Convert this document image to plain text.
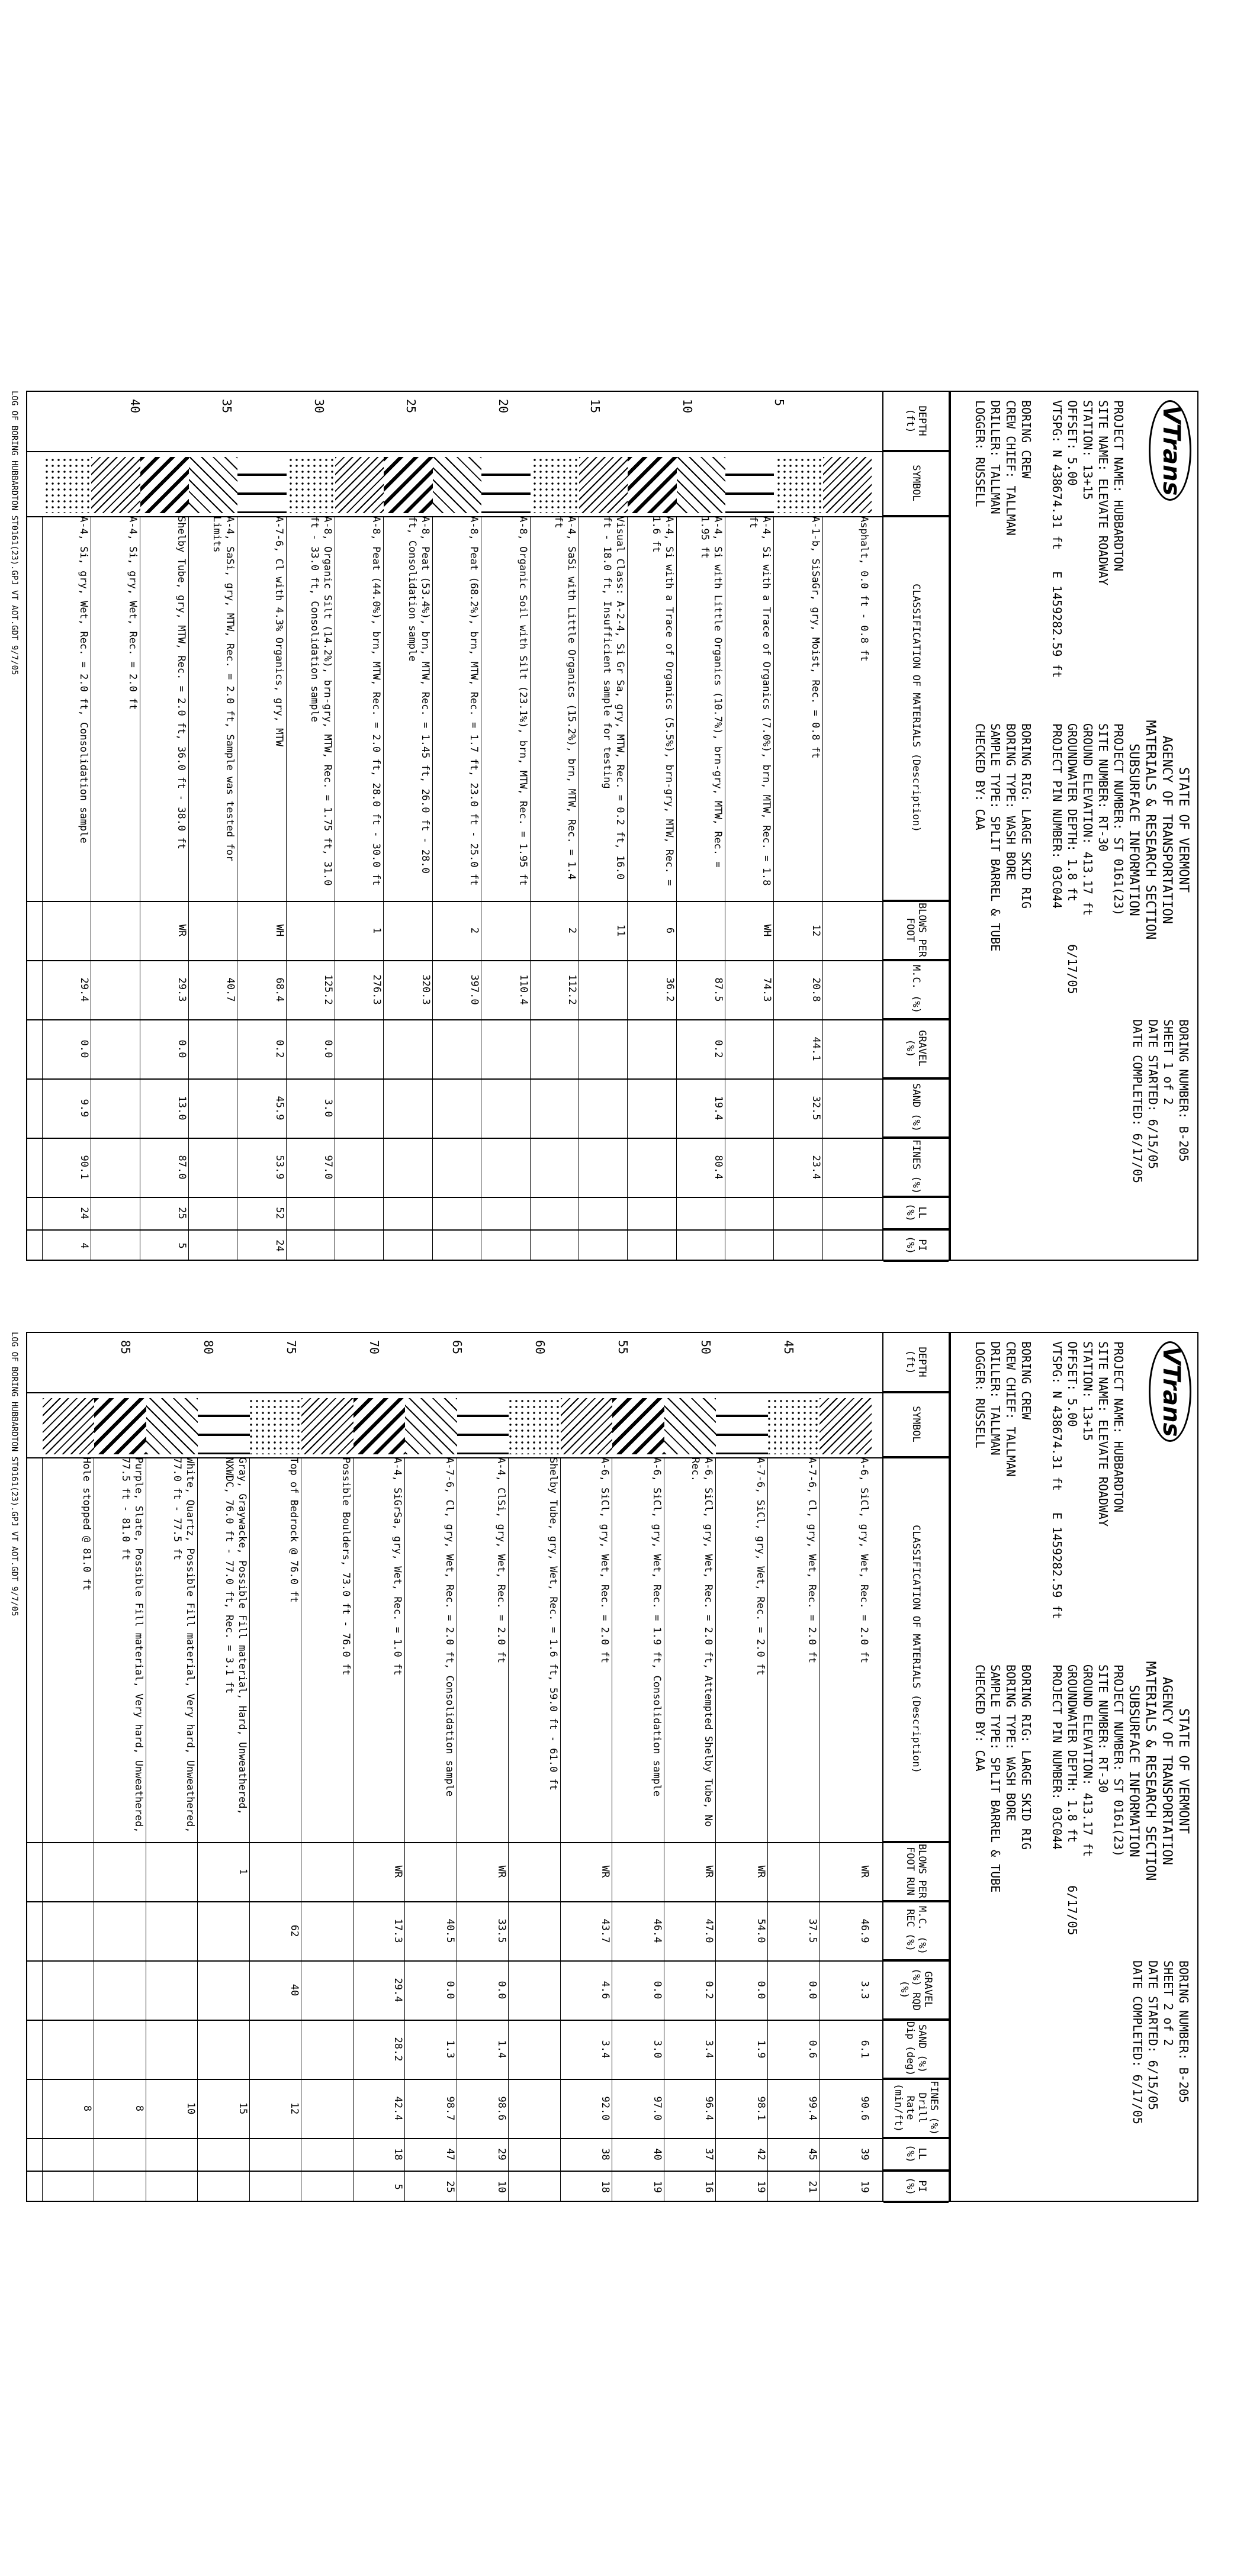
VTrans
STATE OF VERMONT
AGENCY OF TRANSPORTATION
MATERIALS & RESEARCH SECTION
SUBSURFACE INFORMATION
BORING NUMBER: B-205
SHEET 1 of 2
DATE STARTED: 6/15/05
DATE COMPLETED: 6/17/05
PROJECT NAME: HUBBARDTON
SITE NAME: ELEVATE ROADWAY
STATION: 13+15
OFFSET: 5.00
VTSPG: N 438674.31 ft   E 1459282.59 ft

BORING CREW
CREW CHIEF: TALLMAN
DRILLER: TALLMAN
LOGGER: RUSSELL
PROJECT NUMBER: ST 0161(23)
SITE NUMBER: RT-30
GROUND ELEVATION: 413.17 ft
GROUNDWATER DEPTH: 1.8 ft      6/17/05
PROJECT PIN NUMBER: 03C044

BORING RIG: LARGE SKID RIG
BORING TYPE: WASH BORE
SAMPLE TYPE: SPLIT BARREL & TUBE
CHECKED BY: CAA
DEPTH (ft)
SYMBOL
CLASSIFICATION OF MATERIALS (Description)
BLOWS PER FOOT
M.C. (%)
GRAVEL (%)
SAND (%)
FINES (%)
LL (%)
PI (%)
5
10
15
20
25
30
35
40
Asphalt, 0.0 ft - 0.8 ft
A-1-b, SiSaGr, gry, Moist, Rec. = 0.8 ft
12
20.8
44.1
32.5
23.4
A-4, Si with a Trace of Organics (7.0%), brn, MTW, Rec. = 1.8 ft
WH
74.3
A-4, Si with Little Organics (10.7%), brn-gry, MTW, Rec. = 1.95 ft
87.5
0.2
19.4
80.4
A-4, Si with a Trace of Organics (5.5%), brn-gry, MTW, Rec. = 1.6 ft
6
36.2
Visual Class: A-2-4, Si Gr Sa, gry, MTW, Rec. = 0.2 ft, 16.0 ft - 18.0 ft, Insufficient sample for testing
11
A-4, SaSi with Little Organics (15.2%), brn, MTW, Rec. = 1.4 ft
2
112.2
A-8, Organic Soil with Silt (23.1%), brn, MTW, Rec. = 1.95 ft
110.4
A-8, Peat (68.2%), brn, MTW, Rec. = 1.7 ft, 23.0 ft - 25.0 ft
2
397.0
A-8, Peat (53.4%), brn, MTW, Rec. = 1.45 ft, 26.0 ft - 28.0 ft, Consolidation sample
320.3
A-8, Peat (44.0%), brn, MTW, Rec. = 2.0 ft, 28.0 ft - 30.0 ft
1
276.3
A-8, Organic Silt (14.2%), brn-gry, MTW, Rec. = 1.75 ft, 31.0 ft - 33.0 ft, Consolidation sample
125.2
0.0
3.0
97.0
A-7-6, Cl with 4.3% Organics, gry, MTW
WH
68.4
0.2
45.9
53.9
52
24
A-4, SaSi, gry, MTW, Rec. = 2.0 ft, Sample was tested for Limits
40.7
Shelby Tube, gry, MTW, Rec. = 2.0 ft, 36.0 ft - 38.0 ft
WR
29.3
0.0
13.0
87.0
25
5
A-4, Si, gry, Wet, Rec. = 2.0 ft
A-4, Si, gry, Wet, Rec. = 2.0 ft, Consolidation sample
29.4
0.0
9.9
90.1
24
4
LOG OF BORING HUBBARDTON ST0161(23).GPJ VT AOT.GDT 9/7/05
VTrans
STATE OF VERMONT
AGENCY OF TRANSPORTATION
MATERIALS & RESEARCH SECTION
SUBSURFACE INFORMATION
BORING NUMBER: B-205
SHEET 2 of 2
DATE STARTED: 6/15/05
DATE COMPLETED: 6/17/05
PROJECT NAME: HUBBARDTON
SITE NAME: ELEVATE ROADWAY
STATION: 13+15
OFFSET: 5.00
VTSPG: N 438674.31 ft   E 1459282.59 ft

BORING CREW
CREW CHIEF: TALLMAN
DRILLER: TALLMAN
LOGGER: RUSSELL
PROJECT NUMBER: ST 0161(23)
SITE NUMBER: RT-30
GROUND ELEVATION: 413.17 ft
GROUNDWATER DEPTH: 1.8 ft      6/17/05
PROJECT PIN NUMBER: 03C044

BORING RIG: LARGE SKID RIG
BORING TYPE: WASH BORE
SAMPLE TYPE: SPLIT BARREL & TUBE
CHECKED BY: CAA
DEPTH (ft)
SYMBOL
CLASSIFICATION OF MATERIALS (Description)
BLOWS PER FOOT RUN
M.C. (%) REC (%)
GRAVEL (%) RQD (%)
SAND (%) Dip (deg)
FINES (%) Drill Rate (min/ft)
LL (%)
PI (%)
45
50
55
60
65
70
75
80
85
A-6, SiCl, gry, Wet, Rec. = 2.0 ft
WR
46.9
3.3
6.1
90.6
39
19
A-7-6, Cl, gry, Wet, Rec. = 2.0 ft
37.5
0.0
0.6
99.4
45
21
A-7-6, SiCl, gry, Wet, Rec. = 2.0 ft
WR
54.0
0.0
1.9
98.1
42
19
A-6, SiCl, gry, Wet, Rec. = 2.0 ft, Attempted Shelby Tube, No Rec.
WR
47.0
0.2
3.4
96.4
37
16
A-6, SiCl, gry, Wet, Rec. = 1.9 ft, Consolidation sample
46.4
0.0
3.0
97.0
40
19
A-6, SiCl, gry, Wet, Rec. = 2.0 ft
WR
43.7
4.6
3.4
92.0
38
18
Shelby Tube, gry, Wet, Rec. = 1.6 ft, 59.0 ft - 61.0 ft
A-4, ClSi, gry, Wet, Rec. = 2.0 ft
WR
33.5
0.0
1.4
98.6
29
10
A-7-6, Cl, gry, Wet, Rec. = 2.0 ft, Consolidation sample
40.5
0.0
1.3
98.7
47
25
A-4, SiGrSa, gry, Wet, Rec. = 1.0 ft
WR
17.3
29.4
28.2
42.4
18
5
Possible Boulders, 73.0 ft - 76.0 ft
Top of Bedrock @ 76.0 ft
62
40
12
Gray, Graywacke, Possible Fill material, Hard, Unweathered, NXWDC, 76.0 ft - 77.0 ft, Rec. = 3.1 ft
1
15
White, Quartz, Possible Fill material, Very hard, Unweathered, 77.0 ft - 77.5 ft
10
Purple, Slate, Possible Fill material, Very hard, Unweathered, 77.5 ft - 81.0 ft
8
Hole stopped @ 81.0 ft
8
LOG OF BORING HUBBARDTON ST0161(23).GPJ VT AOT.GDT 9/7/05
